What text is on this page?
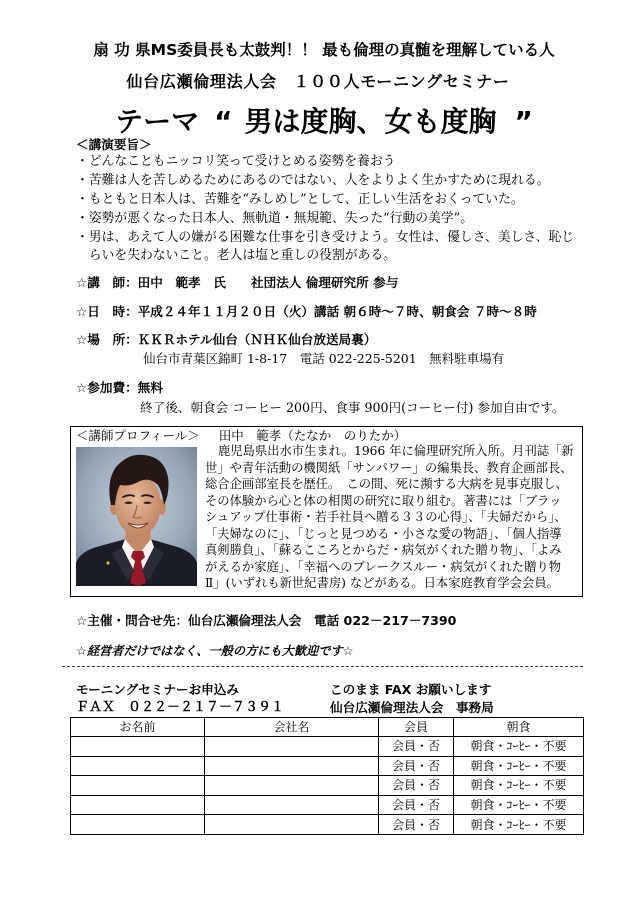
扇 功 県MS委員長も太鼓判！！ 最も倫理の真髄を理解している人
仙台広瀬倫理法人会　１００人モーニングセミナー
テーマ “ 男は度胸、女も度胸 ”
＜講演要旨＞
・どんなこともニッコリ笑って受けとめる姿勢を養おう
・苦難は人を苦しめるためにあるのではない、人をよりよく生かすために現れる。
・もともと日本人は、苦難を“みしめし”として、正しい生活をおくっていた。
・姿勢が悪くなった日本人、無軌道・無規範、失った“行動の美学”。
・男は、あえて人の嫌がる困難な仕事を引き受けよう。女性は、優しさ、美しさ、恥じ
らいを失わないこと。老人は塩と重しの役割がある。
☆講　師：田中　範孝　氏　　社団法人 倫理研究所 参与
☆日　時：平成２４年１１月２０日（火）講話 朝６時～７時、朝食会 ７時～８時
☆場　所：ＫＫＲホテル仙台（ＮＨＫ仙台放送局裏）
仙台市青葉区錦町 1-8-17　電話 022-225-5201　無料駐車場有
☆参加費：無料
終了後、朝食会 コーヒー 200円、食事 900円(コーヒー付) 参加自由です。
＜講師プロフィール＞ 田中　範孝（たなか　のりたか）
鹿児島県出水市生まれ。1966 年に倫理研究所入所。月刊誌「新
世」や青年活動の機関紙「サンパワー」の編集長、教育企画部長、
総合企画部室長を歴任。　この間、死に瀕する大病を見事克服し、
その体験から心と体の相関の研究に取り組む。著書には「ブラッ
シュアップ仕事術・若手社員へ贈る３３の心得」、「夫婦だから」、
「夫婦なのに」、「じっと見つめる・小さな愛の物語」、「個人指導
真剣勝負」、「蘇るこころとからだ・病気がくれた贈り物」、「よみ
がえるか家庭」、「幸福へのブレークスルー・病気がくれた贈り物
Ⅱ」(いずれも新世紀書房) などがある。日本家庭教育学会会員。
☆主催・問合せ先：仙台広瀬倫理法人会 電話 022－217－7390
☆経営者だけではなく、一般の方にも大歓迎です☆
モーニングセミナーお申込み
ＦＡＸ　０２２－２１７－７３９１
このまま FAX お願いします
仙台広瀬倫理法人会　事務局
お名前	会社名	会員	朝食
		会員・否	朝食・ｺｰﾋｰ・不要
		会員・否	朝食・ｺｰﾋｰ・不要
		会員・否	朝食・ｺｰﾋｰ・不要
		会員・否	朝食・ｺｰﾋｰ・不要
		会員・否	朝食・ｺｰﾋｰ・不要
